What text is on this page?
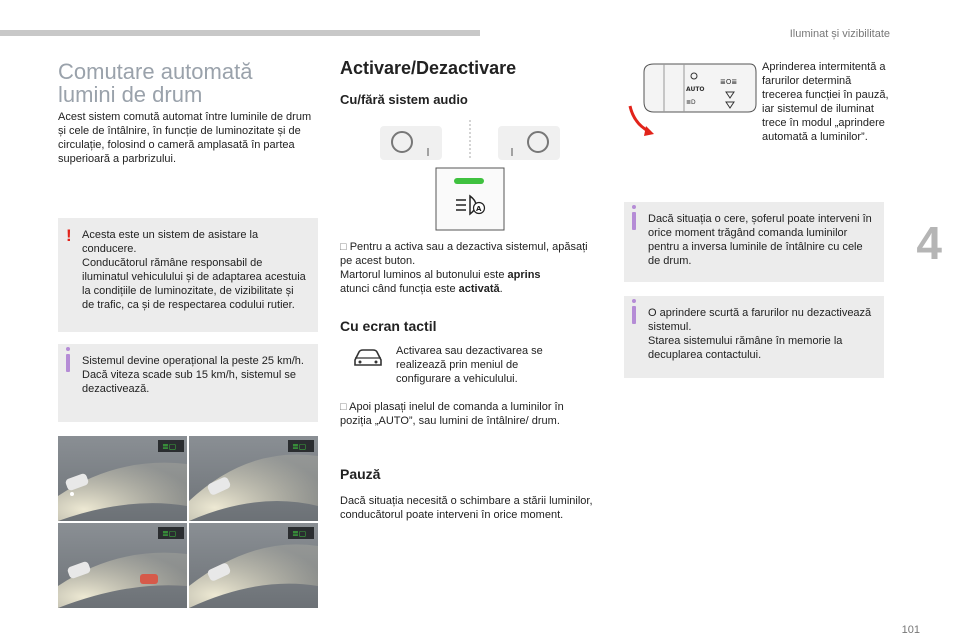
Iluminat și vizibilitate
4
Comutare automată
lumini de drum
Acest sistem comută automat între luminile de drum și cele de întâlnire, în funcție de luminozitate și de circulație, folosind o cameră amplasată în partea superioară a parbrizului.
! Acesta este un sistem de asistare la conducere.
Conducătorul rămâne responsabil de iluminatul vehiculului și de adaptarea acestuia la condițiile de luminozitate, de vizibilitate și de trafic, ca și de respectarea codului rutier.
Sistemul devine operațional la peste 25 km/h.
Dacă viteza scade sub 15 km/h, sistemul se dezactivează.
≣▢	≣▢
≣▢	≣▢
Activare/Dezactivare
Cu/fără sistem audio
A
□ Pentru a activa sau a dezactiva sistemul, apăsați pe acest buton.
Martorul luminos al butonului este aprins
atunci când funcția este activată.
Cu ecran tactil
Activarea sau dezactivarea se realizează prin meniul de configurare a vehiculului.
□ Apoi plasați inelul de comanda a luminilor în poziția „AUTO”, sau lumini de întâlnire/ drum.
Pauză
Dacă situația necesită o schimbare a stării luminilor, conducătorul poate interveni în orice moment.
AUTO
≣D
≣O≣
Aprinderea intermitentă a farurilor determină trecerea funcției în pauză, iar sistemul de iluminat trece în modul „aprindere automată a luminilor”.
Dacă situația o cere, șoferul poate interveni în orice moment trăgând comanda luminilor pentru a inversa luminile de întâlnire cu cele de drum.
O aprindere scurtă a farurilor nu dezactivează sistemul.
Starea sistemului rămâne în memorie la decuplarea contactului.
101
